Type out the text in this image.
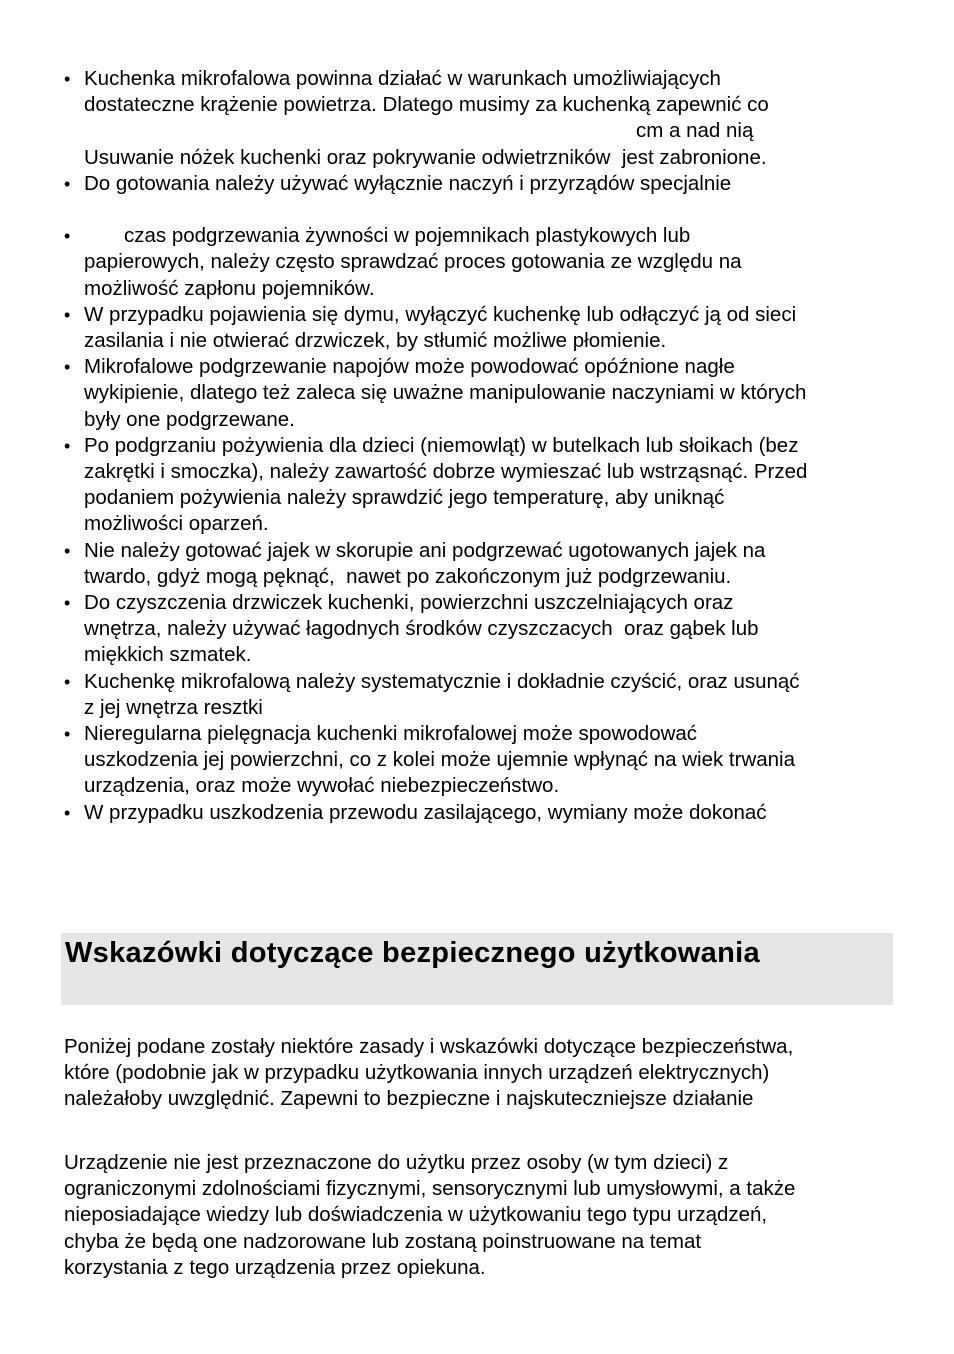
• Kuchenka mikrofalowa powinna działać w warunkach umożliwiających
dostateczne krążenie powietrza. Dlatego musimy za kuchenką zapewnić co
cm a nad nią
Usuwanie nóżek kuchenki oraz pokrywanie odwietrzników  jest zabronione.
• Do gotowania należy używać wyłącznie naczyń i przyrządów specjalnie
•	czas podgrzewania żywności w pojemnikach plastykowych lub
papierowych, należy często sprawdzać proces gotowania ze względu na
możliwość zapłonu pojemników.
• W przypadku pojawienia się dymu, wyłączyć kuchenkę lub odłączyć ją od sieci
zasilania i nie otwierać drzwiczek, by stłumić możliwe płomienie.
• Mikrofalowe podgrzewanie napojów może powodować opóźnione nagłe
wykipienie, dlatego też zaleca się uważne manipulowanie naczyniami w których
były one podgrzewane.
• Po podgrzaniu pożywienia dla dzieci (niemowląt) w butelkach lub słoikach (bez
zakrętki i smoczka), należy zawartość dobrze wymieszać lub wstrząsnąć. Przed
podaniem pożywienia należy sprawdzić jego temperaturę, aby uniknąć
możliwości oparzeń.
• Nie należy gotować jajek w skorupie ani podgrzewać ugotowanych jajek na
twardo, gdyż mogą pęknąć,  nawet po zakończonym już podgrzewaniu.
• Do czyszczenia drzwiczek kuchenki, powierzchni uszczelniających oraz
wnętrza, należy używać łagodnych środków czyszczacych  oraz gąbek lub
miękkich szmatek.
• Kuchenkę mikrofalową należy systematycznie i dokładnie czyścić, oraz usunąć
z jej wnętrza resztki
• Nieregularna pielęgnacja kuchenki mikrofalowej może spowodować
uszkodzenia jej powierzchni, co z kolei może ujemnie wpłynąć na wiek trwania
urządzenia, oraz może wywołać niebezpieczeństwo.
• W przypadku uszkodzenia przewodu zasilającego, wymiany może dokonać
Wskazówki dotyczące bezpiecznego użytkowania

Poniżej podane zostały niektóre zasady i wskazówki dotyczące bezpieczeństwa,
które (podobnie jak w przypadku użytkowania innych urządzeń elektrycznych)
należałoby uwzględnić. Zapewni to bezpieczne i najskuteczniejsze działanie

Urządzenie nie jest przeznaczone do użytku przez osoby (w tym dzieci) z
ograniczonymi zdolnościami fizycznymi, sensorycznymi lub umysłowymi, a także
nieposiadające wiedzy lub doświadczenia w użytkowaniu tego typu urządzeń,
chyba że będą one nadzorowane lub zostaną poinstruowane na temat
korzystania z tego urządzenia przez opiekuna.
